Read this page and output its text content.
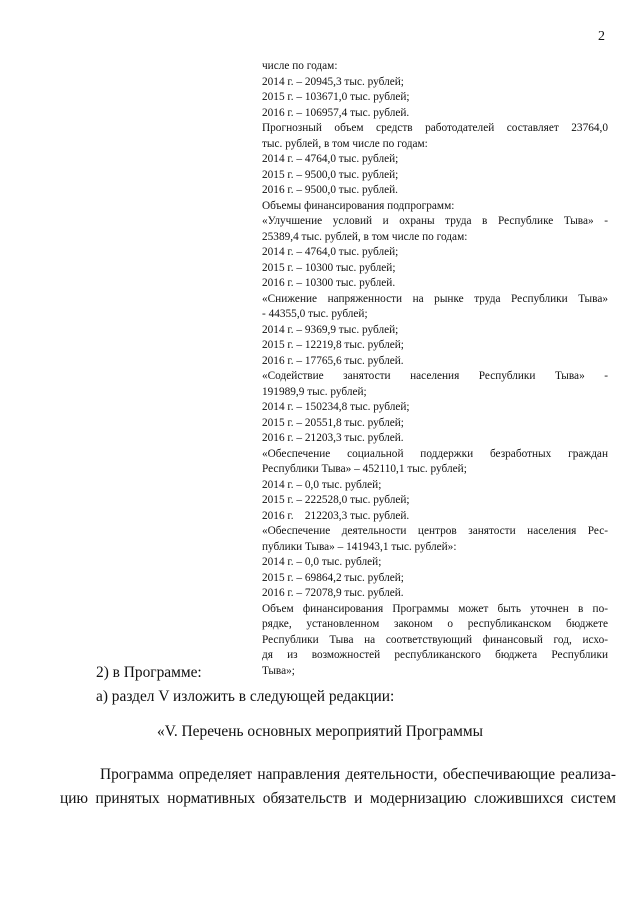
2
числе по годам:
2014 г. – 20945,3 тыс. рублей;
2015 г. – 103671,0 тыс. рублей;
2016 г. – 106957,4 тыс. рублей.
Прогнозный объем средств работодателей составляет 23764,0
тыс. рублей, в том числе по годам:
2014 г. – 4764,0 тыс. рублей;
2015 г. – 9500,0 тыс. рублей;
2016 г. – 9500,0 тыс. рублей.
Объемы финансирования подпрограмм:
«Улучшение условий и охраны труда в Республике Тыва» -
25389,4 тыс. рублей, в том числе по годам:
2014 г. – 4764,0 тыс. рублей;
2015 г. – 10300 тыс. рублей;
2016 г. – 10300 тыс. рублей.
«Снижение напряженности на рынке труда Республики Тыва»
- 44355,0 тыс. рублей;
2014 г. – 9369,9 тыс. рублей;
2015 г. – 12219,8 тыс. рублей;
2016 г. – 17765,6 тыс. рублей.
«Содействие занятости населения Республики Тыва» -
191989,9 тыс. рублей;
2014 г. – 150234,8 тыс. рублей;
2015 г. – 20551,8 тыс. рублей;
2016 г. – 21203,3 тыс. рублей.
«Обеспечение социальной поддержки безработных граждан
Республики Тыва» – 452110,1 тыс. рублей;
2014 г. – 0,0 тыс. рублей;
2015 г. – 222528,0 тыс. рублей;
2016 г.    212203,3 тыс. рублей.
«Обеспечение деятельности центров занятости населения Рес-
публики Тыва» – 141943,1 тыс. рублей»:
2014 г. – 0,0 тыс. рублей;
2015 г. – 69864,2 тыс. рублей;
2016 г. – 72078,9 тыс. рублей.
Объем финансирования Программы может быть уточнен в по-
рядке, установленном законом о республиканском бюджете
Республики Тыва на соответствующий финансовый год, исхо-
дя из возможностей республиканского бюджета Республики
Тыва»;
2) в Программе:
а) раздел V изложить в следующей редакции:
«V. Перечень основных мероприятий Программы
Программа определяет направления деятельности, обеспечивающие реализа-
цию принятых нормативных обязательств и модернизацию сложившихся систем
